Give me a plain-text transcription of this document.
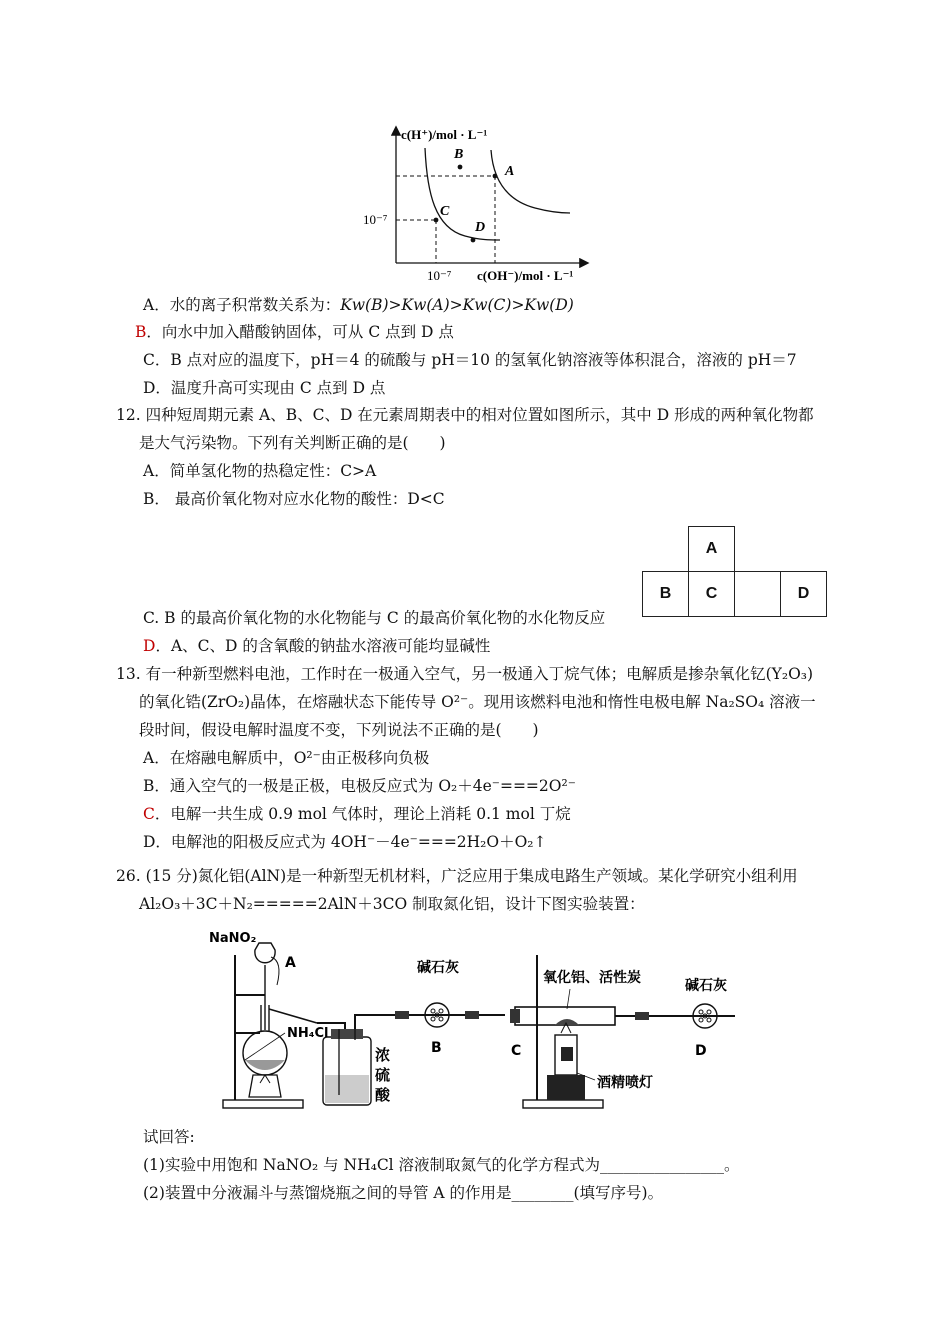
c(H⁺)/mol · L⁻¹
c(OH⁻)/mol · L⁻¹
10⁻⁷
10⁻⁷
B
A
C
D
A．水的离子积常数关系为：Kw(B)>Kw(A)>Kw(C)>Kw(D)
B．向水中加入醋酸钠固体，可从 C 点到 D 点
C．B 点对应的温度下，pH＝4 的硫酸与 pH＝10 的氢氧化钠溶液等体积混合，溶液的 pH＝7
D．温度升高可实现由 C 点到 D 点
12. 四种短周期元素 A、B、C、D 在元素周期表中的相对位置如图所示，其中 D 形成的两种氧化物都
是大气污染物。下列有关判断正确的是(　　)
A．简单氢化物的热稳定性：C>A
B． 最高价氧化物对应水化物的酸性：D<C
	A		
B	C		D
C. B 的最高价氧化物的水化物能与 C 的最高价氧化物的水化物反应
D．A、C、D 的含氧酸的钠盐水溶液可能均显碱性
13. 有一种新型燃料电池，工作时在一极通入空气，另一极通入丁烷气体；电解质是掺杂氧化钇(Y₂O₃)
的氧化锆(ZrO₂)晶体，在熔融状态下能传导 O²⁻。现用该燃料电池和惰性电极电解 Na₂SO₄ 溶液一
段时间，假设电解时温度不变，下列说法不正确的是(　　)
A．在熔融电解质中，O²⁻由正极移向负极
B．通入空气的一极是正极，电极反应式为 O₂＋4e⁻===2O²⁻
C．电解一共生成 0.9 mol 气体时，理论上消耗 0.1 mol 丁烷
D．电解池的阳极反应式为 4OH⁻－4e⁻===2H₂O＋O₂↑
26. (15 分)氮化铝(AlN)是一种新型无机材料，广泛应用于集成电路生产领域。某化学研究小组利用
Al₂O₃＋3C＋N₂=====2AlN＋3CO 制取氮化铝，设计下图实验装置：
NaNO₂
A
NH₄Cl
浓
硫
酸
碱石灰
B	C
氧化铝、活性炭
酒精喷灯
碱石灰
D
试回答:
(1)实验中用饱和 NaNO₂ 与 NH₄Cl 溶液制取氮气的化学方程式为________________。
(2)装置中分液漏斗与蒸馏烧瓶之间的导管 A 的作用是________(填写序号)。
